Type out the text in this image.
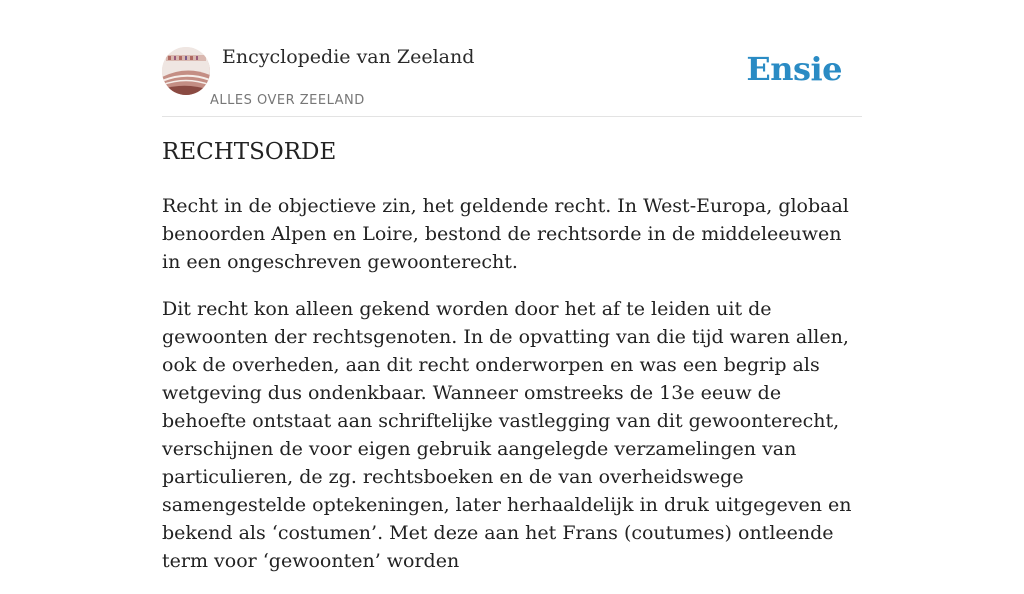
Encyclopedie van Zeeland
ALLES OVER ZEELAND
Ensie
RECHTSORDE

Recht in de objectieve zin, het geldende recht. In West-Europa, globaal benoorden Alpen en Loire, bestond de rechtsorde in de middeleeuwen in een ongeschreven gewoonterecht.

Dit recht kon alleen gekend worden door het af te leiden uit de gewoonten der rechtsgenoten. In de opvatting van die tijd waren allen, ook de overheden, aan dit recht onderworpen en was een begrip als wetgeving dus ondenkbaar. Wanneer omstreeks de 13e eeuw de behoefte ontstaat aan schriftelijke vastlegging van dit gewoonterecht, verschijnen de voor eigen gebruik aangelegde verzamelingen van particulieren, de zg. rechtsboeken en de van overheidswege samengestelde optekeningen, later herhaaldelijk in druk uitgegeven en bekend als ‘costumen’. Met deze aan het Frans (coutumes) ontleende term voor ‘gewoonten’ worden
